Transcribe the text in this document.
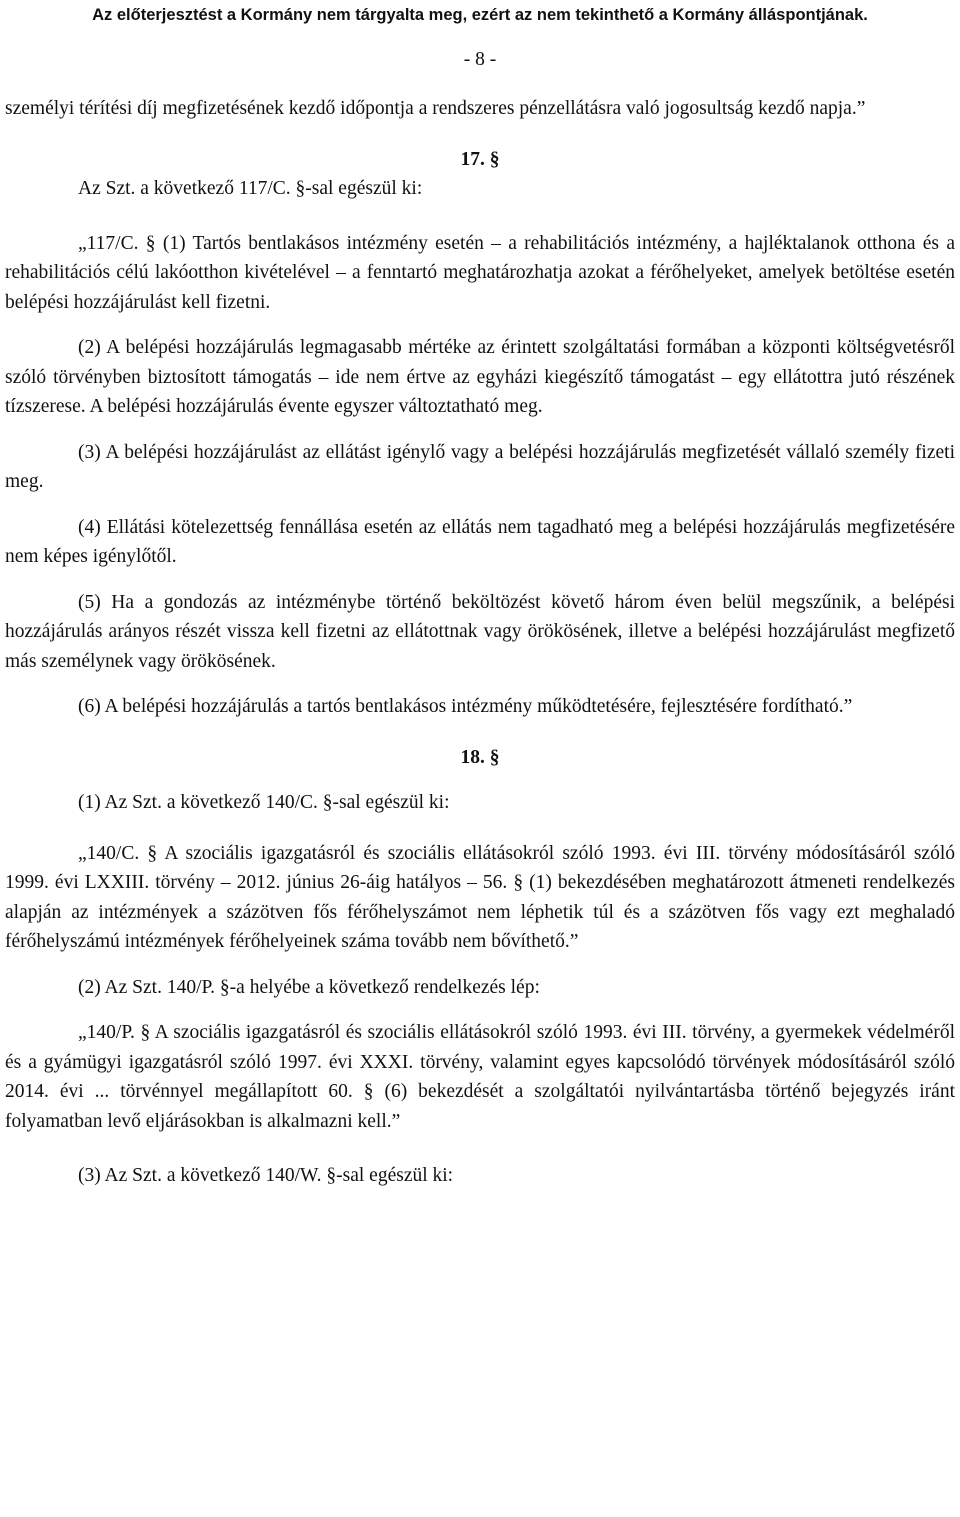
Az előterjesztést a Kormány nem tárgyalta meg, ezért az nem tekinthető a Kormány álláspontjának.
- 8 -

személyi térítési díj megfizetésének kezdő időpontja a rendszeres pénzellátásra való jogosultság kezdő napja.”

17. §

Az Szt. a következő 117/C. §-sal egészül ki:

„117/C. § (1) Tartós bentlakásos intézmény esetén – a rehabilitációs intézmény, a hajléktalanok otthona és a rehabilitációs célú lakóotthon kivételével – a fenntartó meghatározhatja azokat a férőhelyeket, amelyek betöltése esetén belépési hozzájárulást kell fizetni.

(2) A belépési hozzájárulás legmagasabb mértéke az érintett szolgáltatási formában a központi költségvetésről szóló törvényben biztosított támogatás – ide nem értve az egyházi kiegészítő támogatást – egy ellátottra jutó részének tízszerese. A belépési hozzájárulás évente egyszer változtatható meg.

(3) A belépési hozzájárulást az ellátást igénylő vagy a belépési hozzájárulás megfizetését vállaló személy fizeti meg.

(4) Ellátási kötelezettség fennállása esetén az ellátás nem tagadható meg a belépési hozzájárulás megfizetésére nem képes igénylőtől.

(5) Ha a gondozás az intézménybe történő beköltözést követő három éven belül megszűnik, a belépési hozzájárulás arányos részét vissza kell fizetni az ellátottnak vagy örökösének, illetve a belépési hozzájárulást megfizető más személynek vagy örökösének.

(6) A belépési hozzájárulás a tartós bentlakásos intézmény működtetésére, fejlesztésére fordítható.”

18. §

(1) Az Szt. a következő 140/C. §-sal egészül ki:

„140/C. § A szociális igazgatásról és szociális ellátásokról szóló 1993. évi III. törvény módosításáról szóló 1999. évi LXXIII. törvény – 2012. június 26-áig hatályos – 56. § (1) bekezdésében meghatározott átmeneti rendelkezés alapján az intézmények a százötven fős férőhelyszámot nem léphetik túl és a százötven fős vagy ezt meghaladó férőhelyszámú intézmények férőhelyeinek száma tovább nem bővíthető.”

(2) Az Szt. 140/P. §-a helyébe a következő rendelkezés lép:

„140/P. § A szociális igazgatásról és szociális ellátásokról szóló 1993. évi III. törvény, a gyermekek védelméről és a gyámügyi igazgatásról szóló 1997. évi XXXI. törvény, valamint egyes kapcsolódó törvények módosításáról szóló 2014. évi ... törvénnyel megállapított 60. § (6) bekezdését a szolgáltatói nyilvántartásba történő bejegyzés iránt folyamatban levő eljárásokban is alkalmazni kell.”

(3) Az Szt. a következő 140/W. §-sal egészül ki:
